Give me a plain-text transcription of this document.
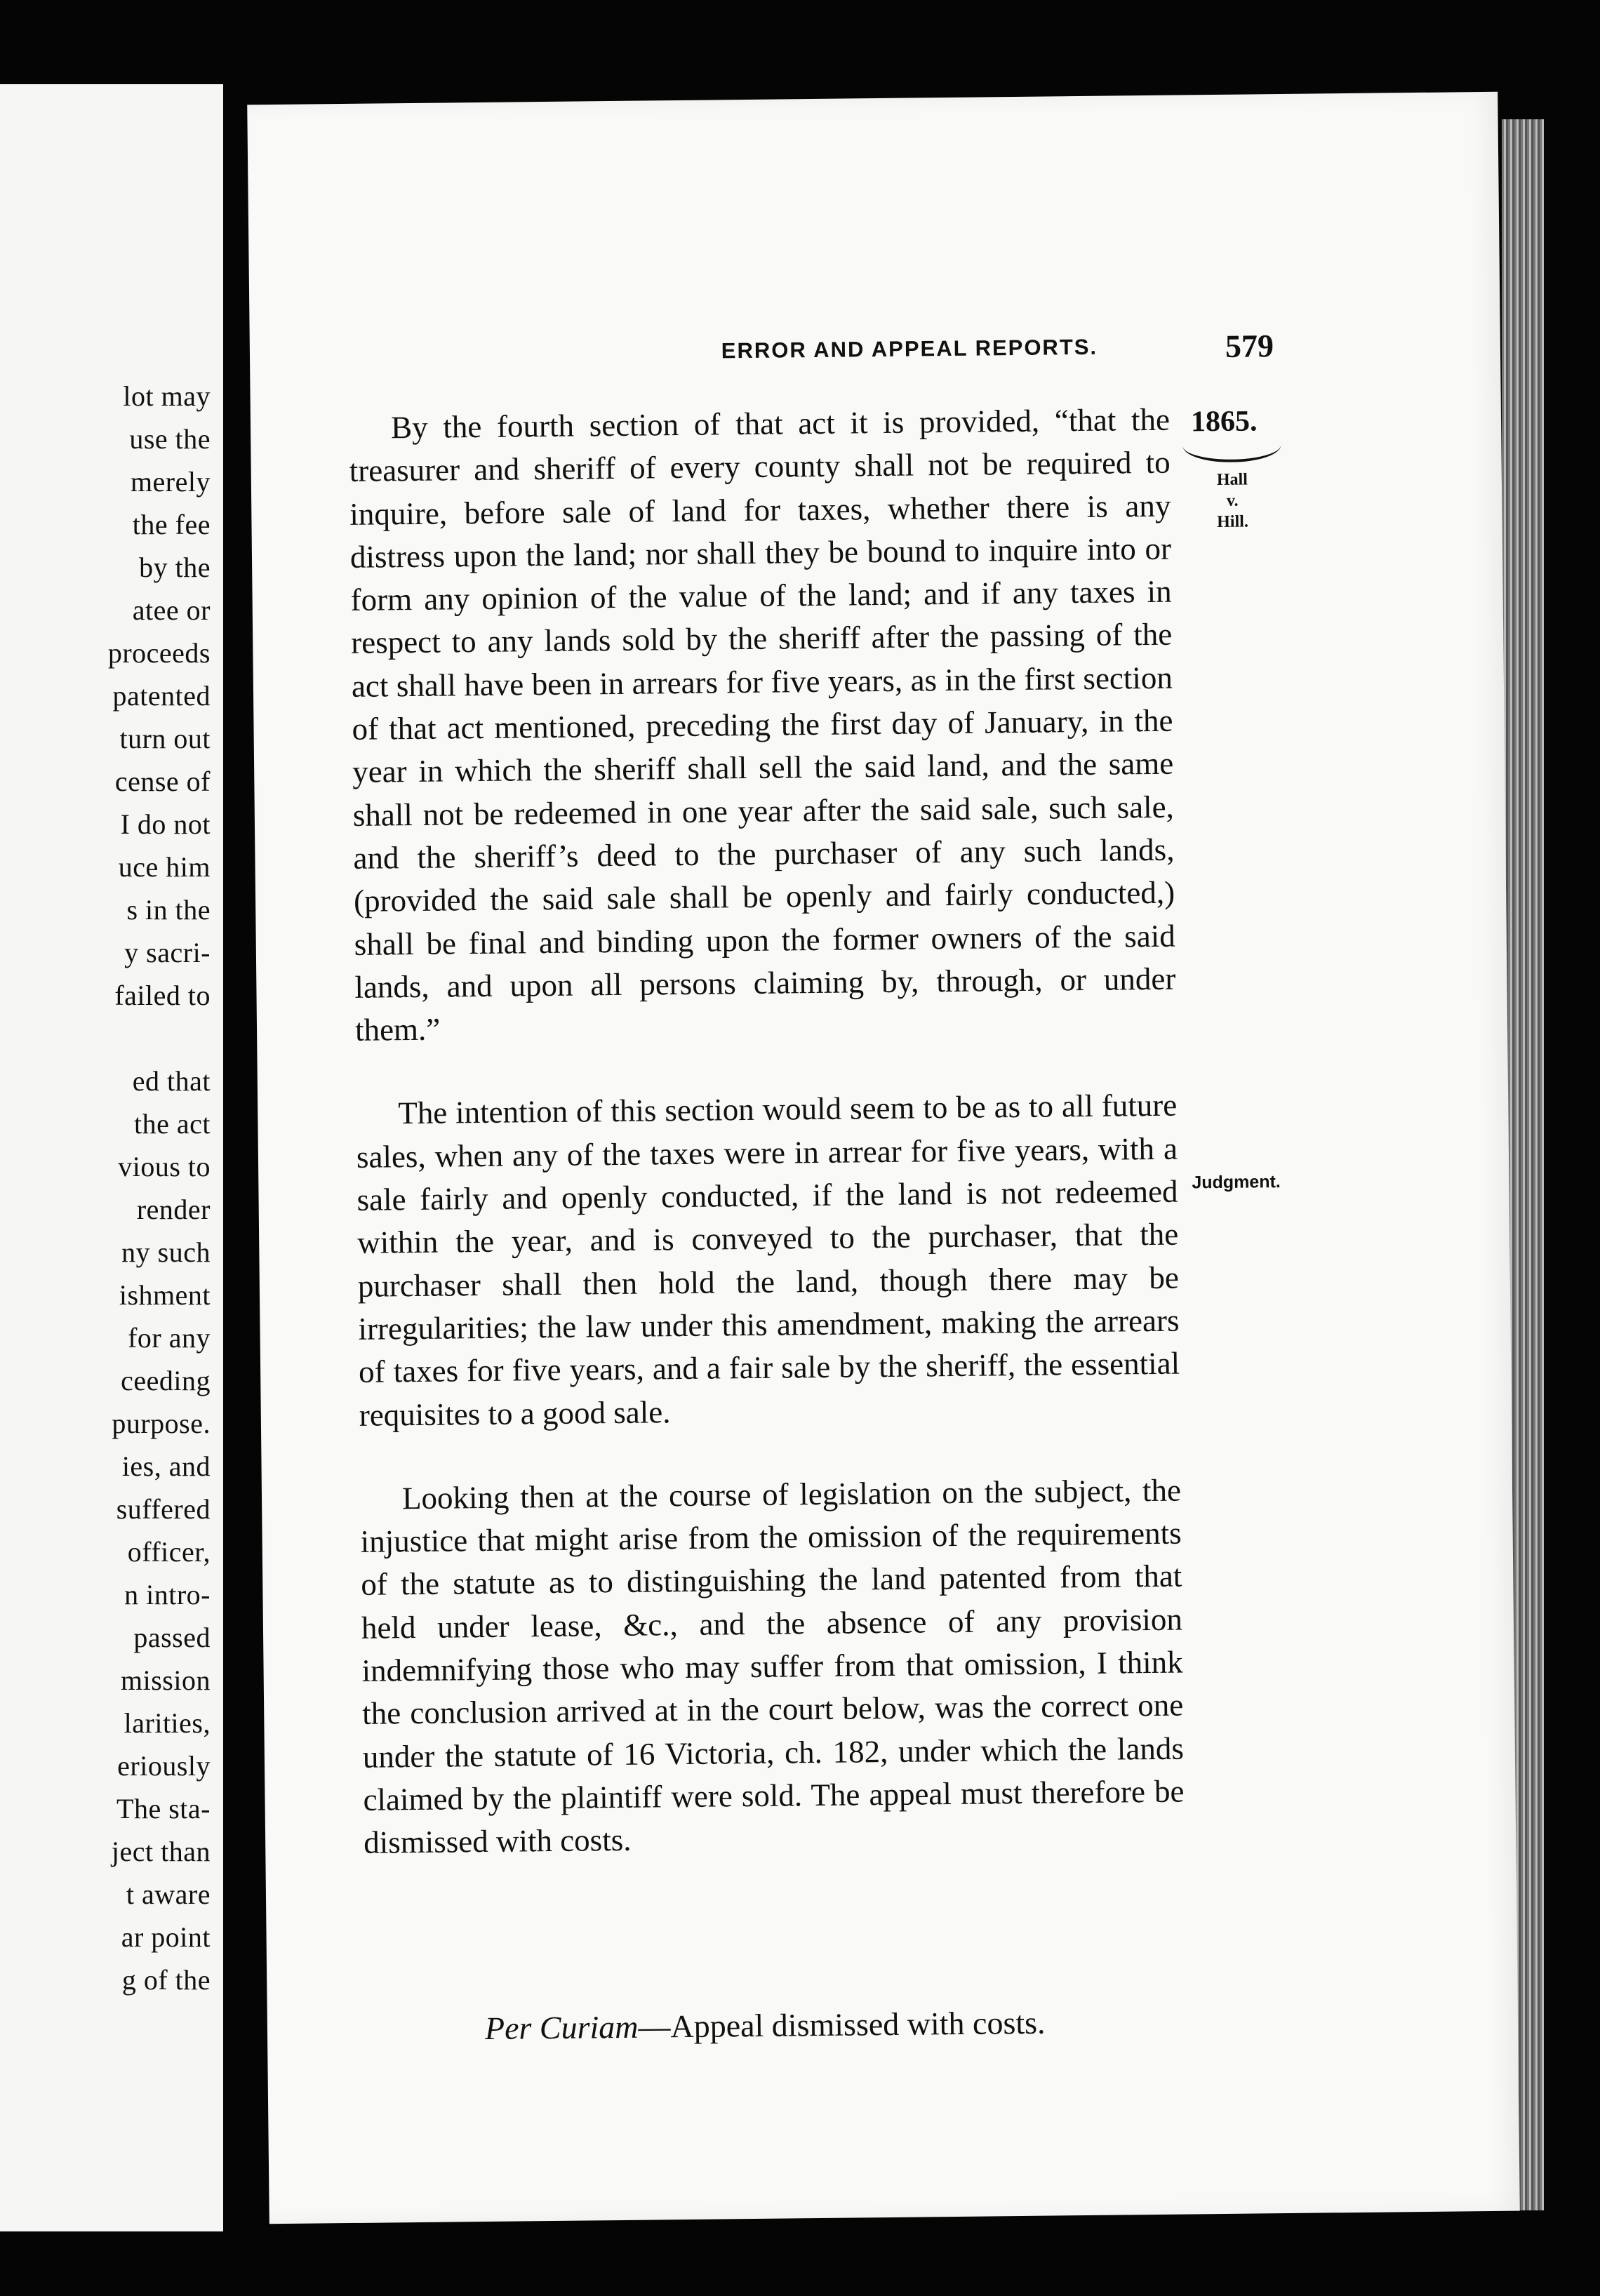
lot may
use the
merely
the fee
by the
atee or
proceeds
patented
turn out
cense of
I do not
uce him
s in the
y sacri-
failed to
ed that
the act
vious to
render
ny such
ishment
for any
ceeding
purpose.
ies, and
suffered
officer,
n intro-
passed
mission
larities,
eriously
The sta-
ject than
t aware
ar point
g of the
ERROR AND APPEAL REPORTS.	579
1865.
Hall
v.
Hill.
Judgment.

By the fourth section of that act it is provided, “that the treasurer and sheriff of every county shall not be required to inquire, before sale of land for taxes, whether there is any distress upon the land; nor shall they be bound to inquire into or form any opinion of the value of the land; and if any taxes in respect to any lands sold by the sheriff after the passing of the act shall have been in arrears for five years, as in the first section of that act mentioned, preceding the first day of January, in the year in which the sheriff shall sell the said land, and the same shall not be redeemed in one year after the said sale, such sale, and the sheriff’s deed to the purchaser of any such lands, (provided the said sale shall be openly and fairly conducted,) shall be final and binding upon the former owners of the said lands, and upon all persons claiming by, through, or under them.”

The intention of this section would seem to be as to all future sales, when any of the taxes were in arrear for five years, with a sale fairly and openly conducted, if the land is not redeemed within the year, and is conveyed to the purchaser, that the purchaser shall then hold the land, though there may be irregularities; the law under this amendment, making the arrears of taxes for five years, and a fair sale by the sheriff, the essential requisites to a good sale.

Looking then at the course of legislation on the subject, the injustice that might arise from the omission of the requirements of the statute as to distinguishing the land patented from that held under lease, &c., and the absence of any provision indemnifying those who may suffer from that omission, I think the conclusion arrived at in the court below, was the correct one under the statute of 16 Victoria, ch. 182, under which the lands claimed by the plaintiff were sold. The appeal must therefore be dismissed with costs.

Per Curiam—Appeal dismissed with costs.
